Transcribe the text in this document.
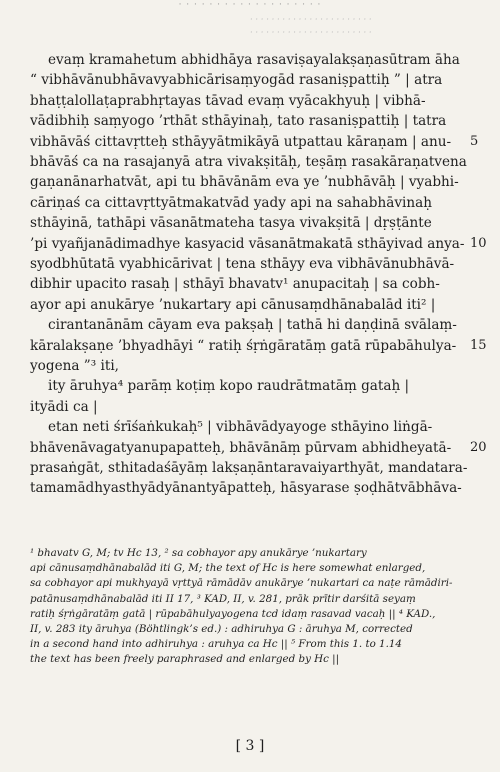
· · · · · · · · · · · · · · · · · · ·
· · · · · · · · · · · · · · · · · · · · · · ·
· · · · · · · · · · · · · · · · · · · · · · ·
evaṃ kramahetum abhidhāya rasaviṣayalakṣaṇasūtram āha
“ vibhāvānubhāvavyabhicārisaṃyogād rasaniṣpattiḥ ” | atra
bhaṭṭalollaṭaprabhṛtayas tāvad evaṃ vyācakhyuḥ | vibhā-
vādibhiḥ saṃyogo ’rthāt sthāyinaḥ, tato rasaniṣpattiḥ | tatra
vibhāvāś cittavṛtteḥ sthāyyātmikāyā utpattau kāraṇam | anu-
bhāvāś ca na rasajanyā atra vivakṣitāḥ, teṣāṃ rasakāraṇatvena
gaṇanānarhatvāt, api tu bhāvānām eva ye ’nubhāvāḥ | vyabhi-
cāriṇaś ca cittavṛttyātmakatvād yady api na sahabhāvinaḥ
sthāyinā, tathāpi vāsanātmateha tasya vivakṣitā | dṛṣṭānte
’pi vyañjanādimadhye kasyacid vāsanātmakatā sthāyivad anya-
syodbhūtatā vyabhicārivat | tena sthāyy eva vibhāvānubhāvā-
dibhir upacito rasaḥ | sthāyī bhavatv¹ anupacitaḥ | sa cobh-
ayor api anukārye ’nukartary api cānusaṃdhānabalād iti² |
cirantanānām cāyam eva pakṣaḥ | tathā hi daṇḍinā svālaṃ-
kāralakṣaṇe ’bhyadhāyi “ ratiḥ śṛṅgāratāṃ gatā rūpabāhulya-
yogena ”³ iti,
ity āruhya⁴ parāṃ koṭiṃ kopo raudrātmatāṃ gataḥ |
ityādi ca |
etan neti śrīśaṅkukaḥ⁵ | vibhāvādyayoge sthāyino liṅgā-
bhāvenāvagatyanupapatteḥ, bhāvānāṃ pūrvam abhidheyatā-
prasaṅgāt, sthitadaśāyāṃ lakṣaṇāntaravaiyarthyāt, mandatara-
tamamādhyasthyādyānantyāpatteḥ, hāsyarase ṣoḍhātvābhāva-
5
10
15
20
¹ bhavatv G, M; tv Hc 13, ² sa cobhayor apy anukārye ’nukartary
api cānusaṃdhānabalād iti G, M; the text of Hc is here somewhat enlarged,
sa cobhayor api mukhyayā vṛttyā rāmādāv anukārye ’nukartari ca naṭe rāmādiri-
patānusaṃdhānabalād iti II 17, ³ KAD, II, v. 281, prāk prītir darśitā seyaṃ
ratiḥ śṛṅgāratāṃ gatā | rūpabāhulyayogena tcd idaṃ rasavad vacaḥ || ⁴ KAD.,
II, v. 283 ity āruhya (Böhtlingk’s ed.) : adhiruhya G : āruhya M, corrected
in a second hand into adhiruhya : aruhya ca Hc || ⁵ From this 1. to 1.14
the text has been freely paraphrased and enlarged by Hc ||
[ 3 ]
